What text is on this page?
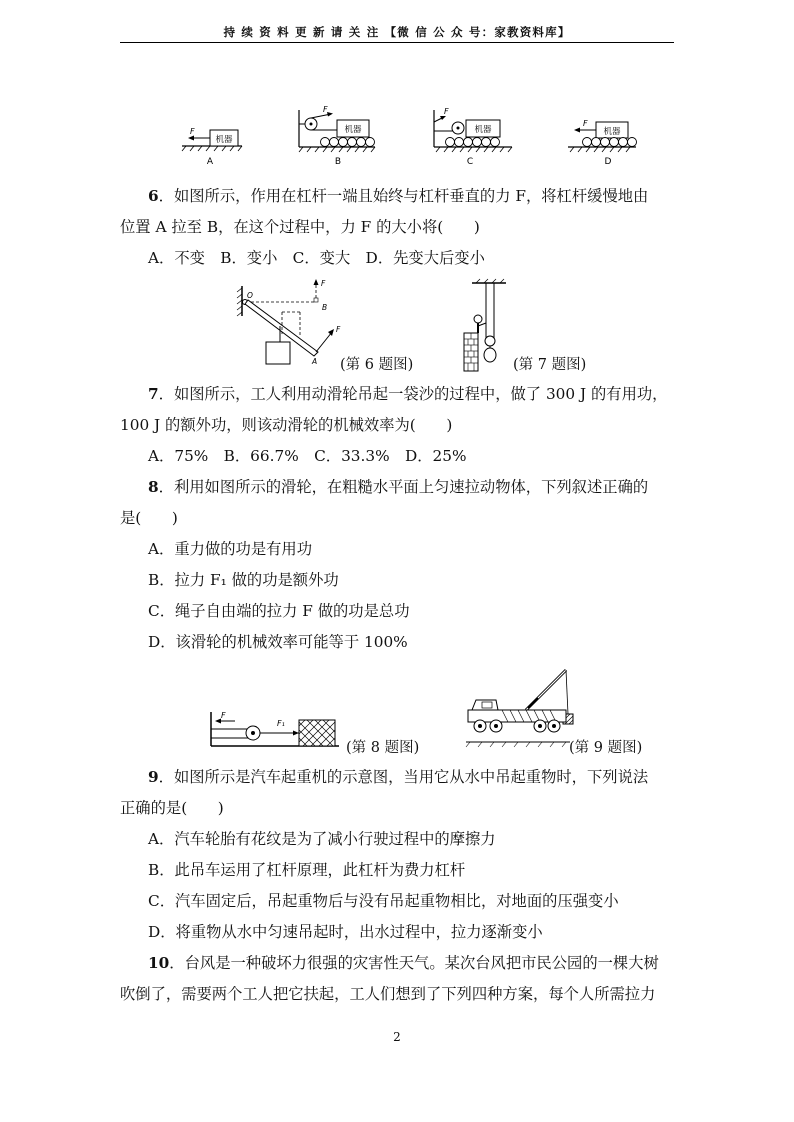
持 续 资 料 更 新 请 关 注 【微 信 公 众 号：家教资料库】
机器
F
A
F
机器
B
F
机器
C
机器
F
D
6．如图所示，作用在杠杆一端且始终与杠杆垂直的力 F，将杠杆缓慢地由
位置 A 拉至 B，在这个过程中，力 F 的大小将(　　)
A．不变　B．变小　C．变大　D．先变大后变小
O
B
F
F
A (第 6 题图)	(第 7 题图)
7．如图所示，工人利用动滑轮吊起一袋沙的过程中，做了 300 J 的有用功，
100 J 的额外功，则该动滑轮的机械效率为(　　)
A．75%　B．66.7%　C．33.3%　D．25%
8．利用如图所示的滑轮，在粗糙水平面上匀速拉动物体，下列叙述正确的
是(　　)
A．重力做的功是有用功
B．拉力 F₁ 做的功是额外功
C．绳子自由端的拉力 F 做的功是总功
D．该滑轮的机械效率可能等于 100%
F
F₁
(第 8 题图)	(第 9 题图)
9．如图所示是汽车起重机的示意图，当用它从水中吊起重物时，下列说法
正确的是(　　)
A．汽车轮胎有花纹是为了减小行驶过程中的摩擦力
B．此吊车运用了杠杆原理，此杠杆为费力杠杆
C．汽车固定后，吊起重物后与没有吊起重物相比，对地面的压强变小
D．将重物从水中匀速吊起时，出水过程中，拉力逐渐变小
10．台风是一种破坏力很强的灾害性天气。某次台风把市民公园的一棵大树
吹倒了，需要两个工人把它扶起，工人们想到了下列四种方案，每个人所需拉力
2
